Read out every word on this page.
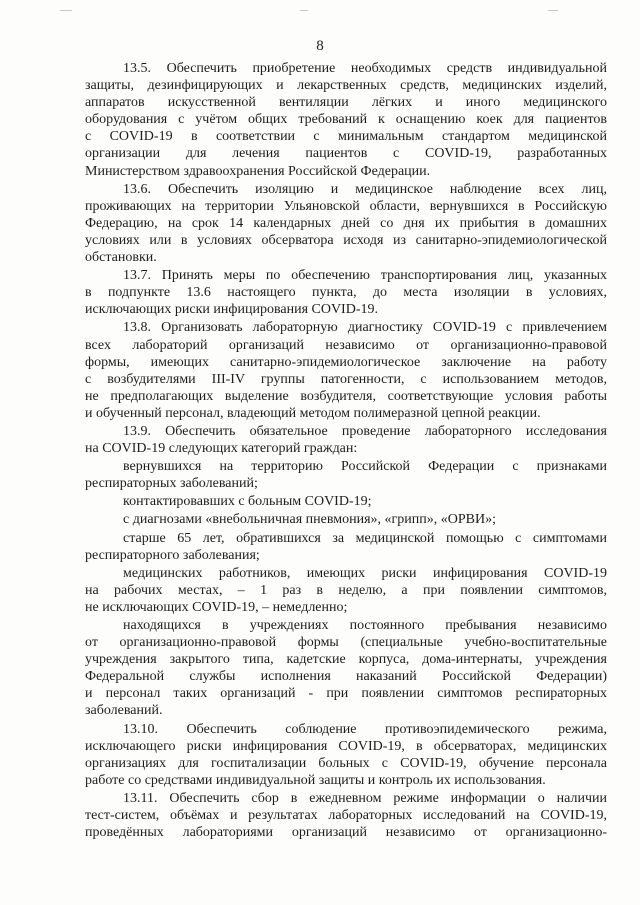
8
13.5. Обеспечить приобретение необходимых средств индивидуальной
защиты, дезинфицирующих и лекарственных средств, медицинских изделий,
аппаратов искусственной вентиляции лёгких и иного медицинского
оборудования с учётом общих требований к оснащению коек для пациентов
с COVID-19 в соответствии с минимальным стандартом медицинской
организации для лечения пациентов с COVID-19, разработанных
Министерством здравоохранения Российской Федерации.
13.6. Обеспечить изоляцию и медицинское наблюдение всех лиц,
проживающих на территории Ульяновской области, вернувшихся в Российскую
Федерацию, на срок 14 календарных дней со дня их прибытия в домашних
условиях или в условиях обсерватора исходя из санитарно-эпидемиологической
обстановки.
13.7. Принять меры по обеспечению транспортирования лиц, указанных
в подпункте 13.6 настоящего пункта, до места изоляции в условиях,
исключающих риски инфицирования COVID-19.
13.8. Организовать лабораторную диагностику COVID-19 с привлечением
всех лабораторий организаций независимо от организационно-правовой
формы, имеющих санитарно-эпидемиологическое заключение на работу
с возбудителями III-IV группы патогенности, с использованием методов,
не предполагающих выделение возбудителя, соответствующие условия работы
и обученный персонал, владеющий методом полимеразной цепной реакции.
13.9. Обеспечить обязательное проведение лабораторного исследования
на COVID-19 следующих категорий граждан:
вернувшихся на территорию Российской Федерации с признаками
респираторных заболеваний;
контактировавших с больным COVID-19;
с диагнозами «внебольничная пневмония», «грипп», «ОРВИ»;
старше 65 лет, обратившихся за медицинской помощью с симптомами
респираторного заболевания;
медицинских работников, имеющих риски инфицирования COVID-19
на рабочих местах, – 1 раз в неделю, а при появлении симптомов,
не исключающих COVID-19, – немедленно;
находящихся в учреждениях постоянного пребывания независимо
от организационно-правовой формы (специальные учебно-воспитательные
учреждения закрытого типа, кадетские корпуса, дома-интернаты, учреждения
Федеральной службы исполнения наказаний Российской Федерации)
и персонал таких организаций - при появлении симптомов респираторных
заболеваний.
13.10. Обеспечить соблюдение противоэпидемического режима,
исключающего риски инфицирования COVID-19, в обсерваторах, медицинских
организациях для госпитализации больных с COVID-19, обучение персонала
работе со средствами индивидуальной защиты и контроль их использования.
13.11. Обеспечить сбор в ежедневном режиме информации о наличии
тест-систем, объёмах и результатах лабораторных исследований на COVID-19,
проведённых лабораториями организаций независимо от организационно-
